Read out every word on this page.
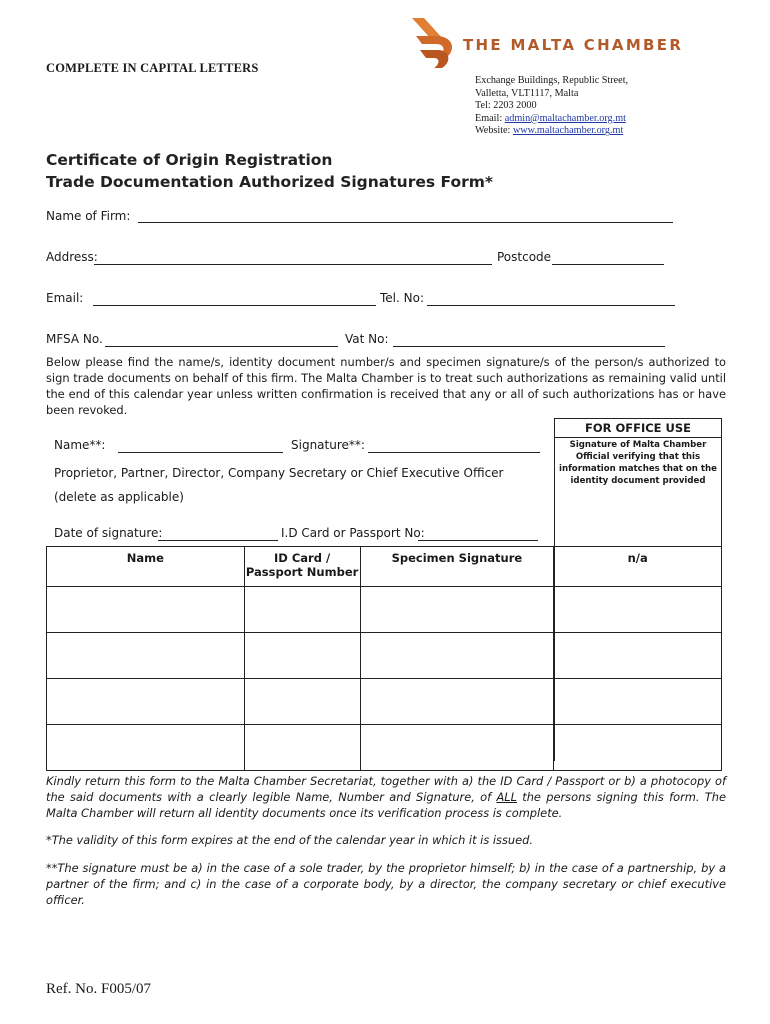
COMPLETE IN CAPITAL LETTERS
THE MALTA CHAMBER
Exchange Buildings, Republic Street,
Valletta, VLT1117, Malta
Tel: 2203 2000
Email: admin@maltachamber.org.mt
Website: www.maltachamber.org.mt
Certificate of Origin Registration
Trade Documentation Authorized Signatures Form*
Name of Firm:
Address:	Postcode
Email:	Tel. No:
MFSA No.	Vat No:
Below please find the name/s, identity document number/s and specimen signature/s of the person/s authorized to sign trade documents on behalf of this firm. The Malta Chamber is to treat such authorizations as remaining valid until the end of this calendar year unless written confirmation is received that any or all of such authorizations has or have been revoked.
FOR OFFICE USE
Signature of Malta Chamber Official verifying that this information matches that on the identity document provided
Name**:	Signature**:
Proprietor, Partner, Director, Company Secretary or Chief Executive Officer (delete as applicable)
Date of signature:	I.D Card or Passport No:
Name	ID Card / Passport Number	Specimen Signature	n/a

Kindly return this form to the Malta Chamber Secretariat, together with a) the ID Card / Passport or b) a photocopy of the said documents with a clearly legible Name, Number and Signature, of ALL the persons signing this form. The Malta Chamber will return all identity documents once its verification process is complete.
*The validity of this form expires at the end of the calendar year in which it is issued.
**The signature must be a) in the case of a sole trader, by the proprietor himself; b) in the case of a partnership, by a partner of the firm; and c) in the case of a corporate body, by a director, the company secretary or chief executive officer.
Ref. No. F005/07
